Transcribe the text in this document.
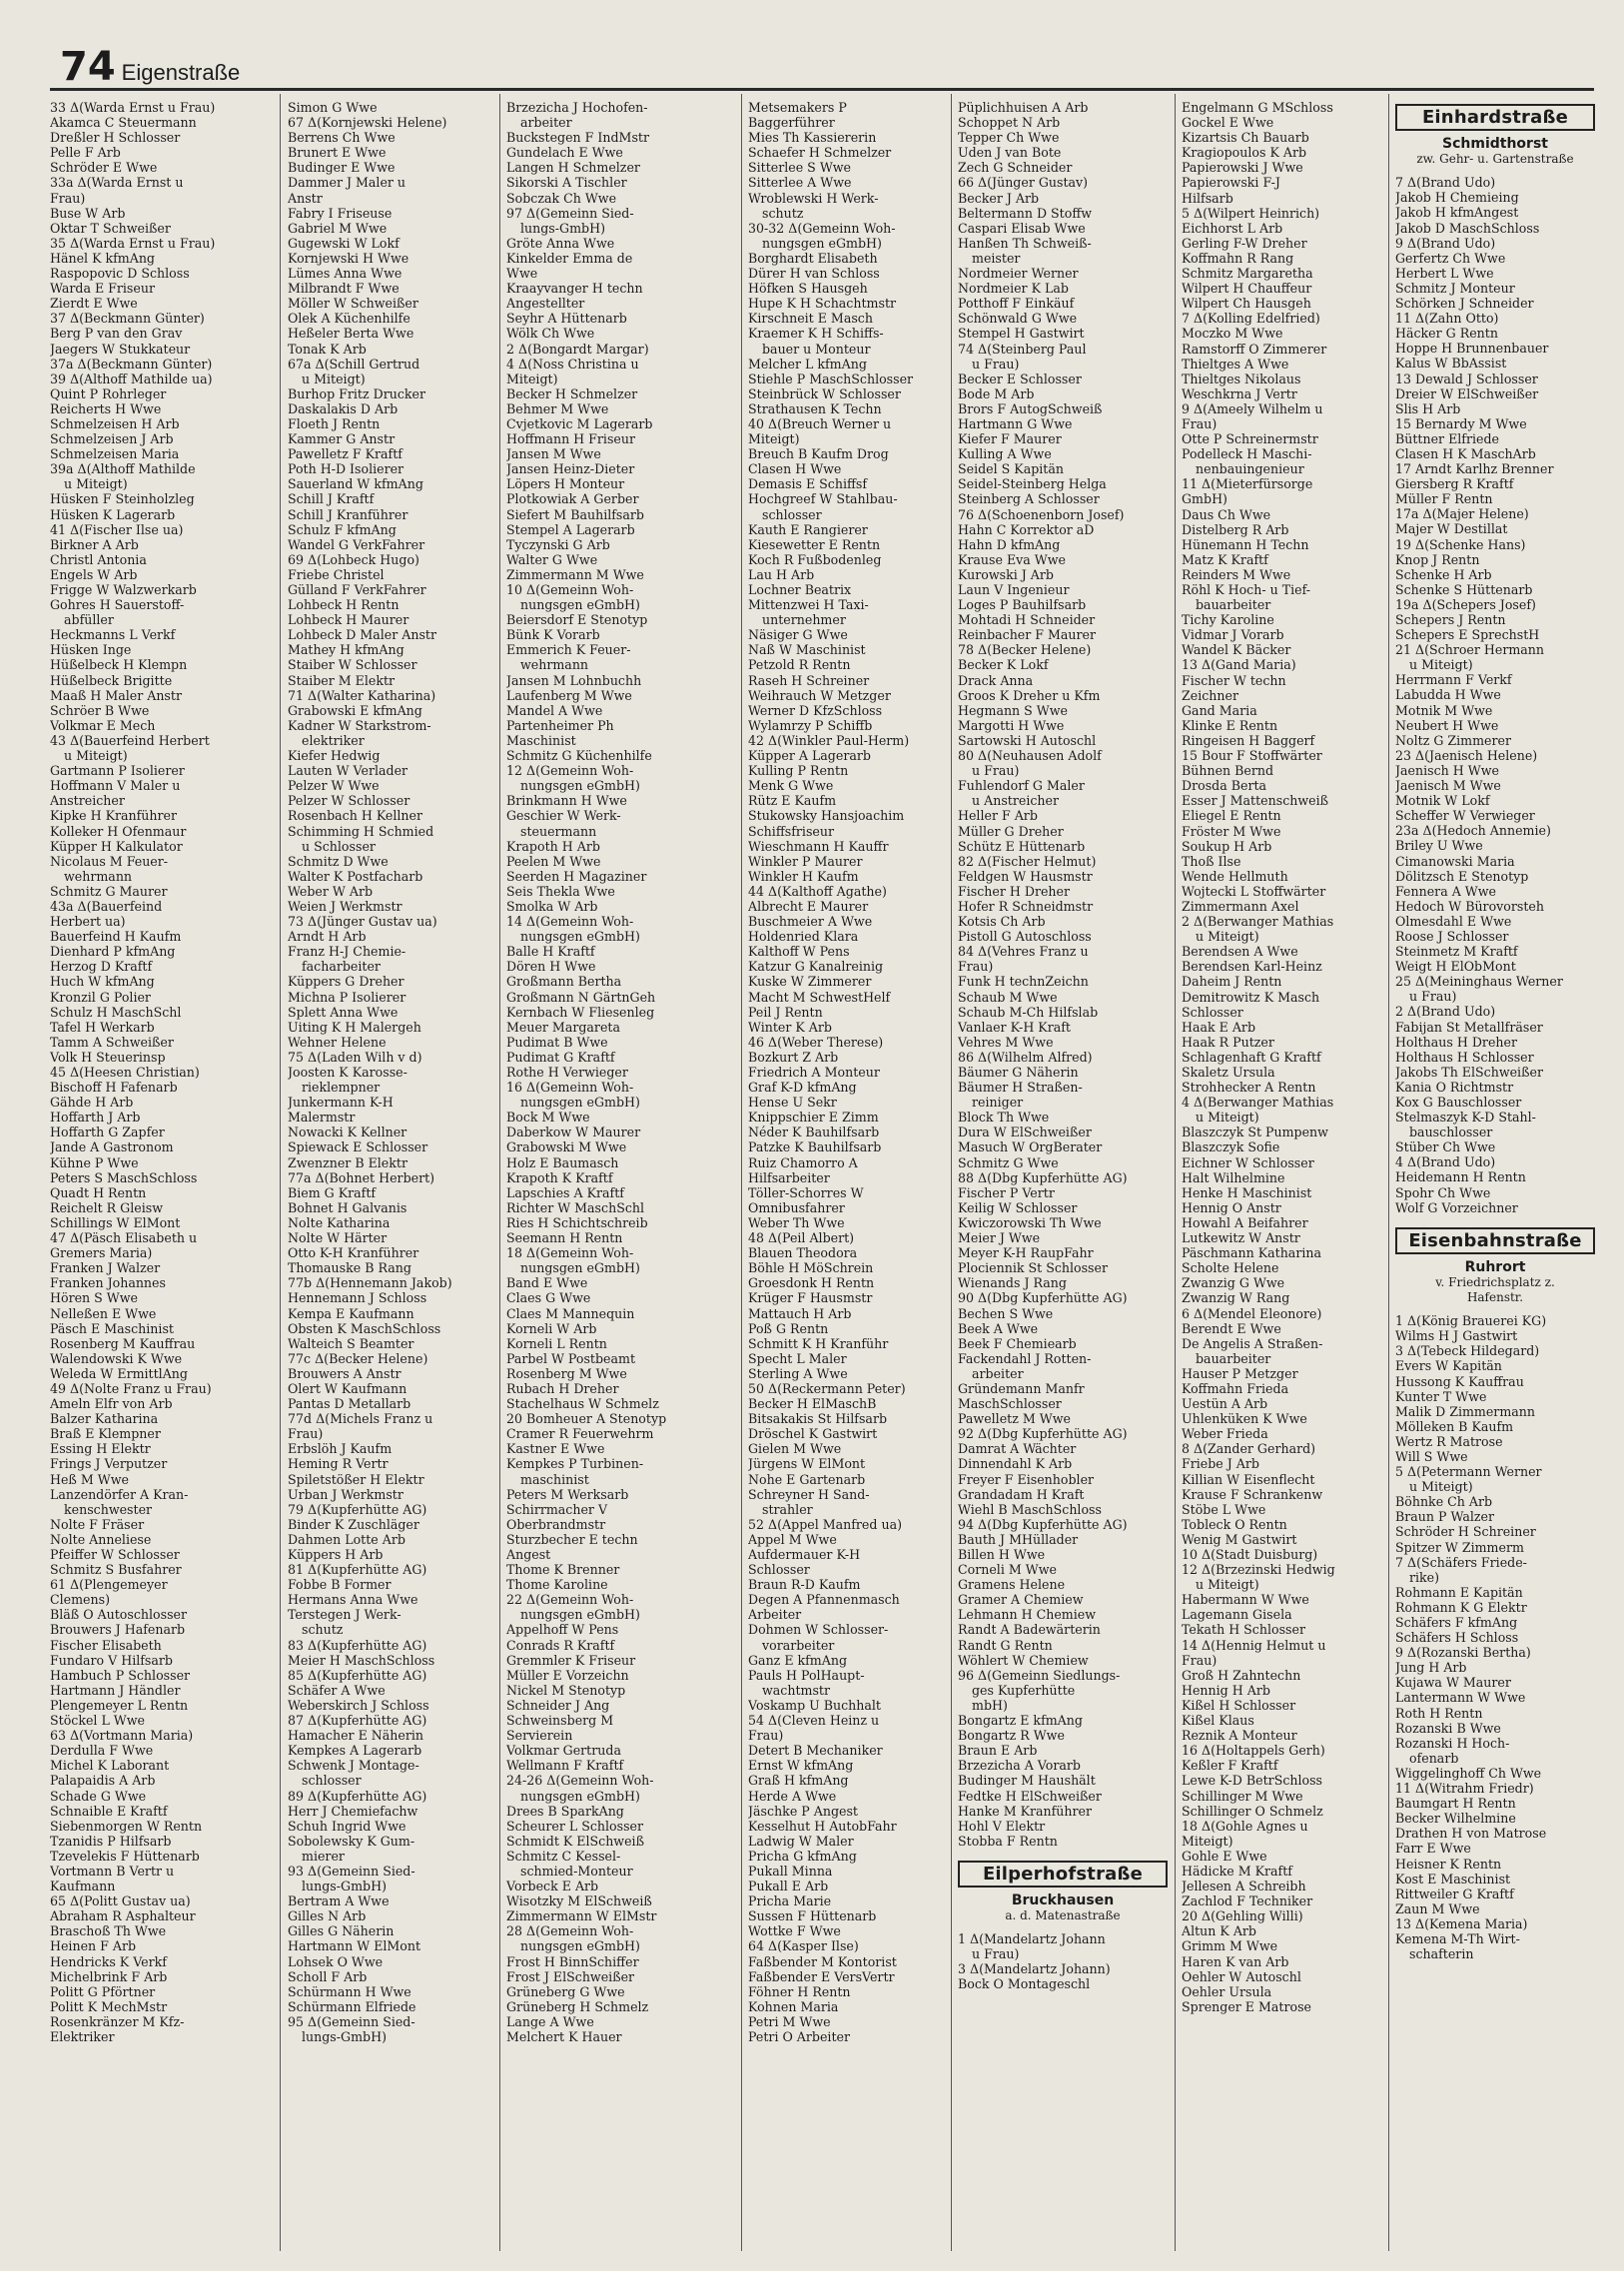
74 Eigenstraße
33 Δ(Warda Ernst u Frau)
Akamca C Steuermann
Dreßler H Schlosser
Pelle F Arb
Schröder E Wwe
33a Δ(Warda Ernst u
Frau)
Buse W Arb
Oktar T Schweißer
35 Δ(Warda Ernst u Frau)
Hänel K kfmAng
Raspopovic D Schloss
Warda E Friseur
Zierdt E Wwe
37 Δ(Beckmann Günter)
Berg P van den Grav
Jaegers W Stukkateur
37a Δ(Beckmann Günter)
39 Δ(Althoff Mathilde ua)
Quint P Rohrleger
Reicherts H Wwe
Schmelzeisen H Arb
Schmelzeisen J Arb
Schmelzeisen Maria
39a Δ(Althoff Mathilde
u Miteigt)
Hüsken F Steinholzleg
Hüsken K Lagerarb
41 Δ(Fischer Ilse ua)
Birkner A Arb
Christl Antonia
Engels W Arb
Frigge W Walzwerkarb
Gohres H Sauerstoff-
abfüller
Heckmanns L Verkf
Hüsken Inge
Hüßelbeck H Klempn
Hüßelbeck Brigitte
Maaß H Maler Anstr
Schröer B Wwe
Volkmar E Mech
43 Δ(Bauerfeind Herbert
u Miteigt)
Gartmann P Isolierer
Hoffmann V Maler u
Anstreicher
Kipke H Kranführer
Kolleker H Ofenmaur
Küpper H Kalkulator
Nicolaus M Feuer-
wehrmann
Schmitz G Maurer
43a Δ(Bauerfeind
Herbert ua)
Bauerfeind H Kaufm
Dienhard P kfmAng
Herzog D Kraftf
Huch W kfmAng
Kronzil G Polier
Schulz H MaschSchl
Tafel H Werkarb
Tamm A Schweißer
Volk H Steuerinsp
45 Δ(Heesen Christian)
Bischoff H Fafenarb
Gähde H Arb
Hoffarth J Arb
Hoffarth G Zapfer
Jande A Gastronom
Kühne P Wwe
Peters S MaschSchloss
Quadt H Rentn
Reichelt R Gleisw
Schillings W ElMont
47 Δ(Päsch Elisabeth u
Gremers Maria)
Franken J Walzer
Franken Johannes
Hören S Wwe
Nelleßen E Wwe
Päsch E Maschinist
Rosenberg M Kauffrau
Walendowski K Wwe
Weleda W ErmittlAng
49 Δ(Nolte Franz u Frau)
Ameln Elfr von Arb
Balzer Katharina
Braß E Klempner
Essing H Elektr
Frings J Verputzer
Heß M Wwe
Lanzendörfer A Kran-
kenschwester
Nolte F Fräser
Nolte Anneliese
Pfeiffer W Schlosser
Schmitz S Busfahrer
61 Δ(Plengemeyer
Clemens)
Bläß O Autoschlosser
Brouwers J Hafenarb
Fischer Elisabeth
Fundaro V Hilfsarb
Hambuch P Schlosser
Hartmann J Händler
Plengemeyer L Rentn
Stöckel L Wwe
63 Δ(Vortmann Maria)
Derdulla F Wwe
Michel K Laborant
Palapaidis A Arb
Schade G Wwe
Schnaible E Kraftf
Siebenmorgen W Rentn
Tzanidis P Hilfsarb
Tzevelekis F Hüttenarb
Vortmann B Vertr u
Kaufmann
65 Δ(Politt Gustav ua)
Abraham R Asphalteur
Braschoß Th Wwe
Heinen F Arb
Hendricks K Verkf
Michelbrink F Arb
Politt G Pförtner
Politt K MechMstr
Rosenkränzer M Kfz-
Elektriker
Simon G Wwe
67 Δ(Kornjewski Helene)
Berrens Ch Wwe
Brunert E Wwe
Budinger E Wwe
Dammer J Maler u
Anstr
Fabry I Friseuse
Gabriel M Wwe
Gugewski W Lokf
Kornjewski H Wwe
Lümes Anna Wwe
Milbrandt F Wwe
Möller W Schweißer
Olek A Küchenhilfe
Heßeler Berta Wwe
Tonak K Arb
67a Δ(Schill Gertrud
u Miteigt)
Burhop Fritz Drucker
Daskalakis D Arb
Floeth J Rentn
Kammer G Anstr
Pawelletz F Kraftf
Poth H-D Isolierer
Sauerland W kfmAng
Schill J Kraftf
Schill J Kranführer
Schulz F kfmAng
Wandel G VerkFahrer
69 Δ(Lohbeck Hugo)
Friebe Christel
Gülland F VerkFahrer
Lohbeck H Rentn
Lohbeck H Maurer
Lohbeck D Maler Anstr
Mathey H kfmAng
Staiber W Schlosser
Staiber M Elektr
71 Δ(Walter Katharina)
Grabowski E kfmAng
Kadner W Starkstrom-
elektriker
Kiefer Hedwig
Lauten W Verlader
Pelzer W Wwe
Pelzer W Schlosser
Rosenbach H Kellner
Schimming H Schmied
u Schlosser
Schmitz D Wwe
Walter K Postfacharb
Weber W Arb
Weien J Werkmstr
73 Δ(Jünger Gustav ua)
Arndt H Arb
Franz H-J Chemie-
facharbeiter
Küppers G Dreher
Michna P Isolierer
Splett Anna Wwe
Uiting K H Malergeh
Wehner Helene
75 Δ(Laden Wilh v d)
Joosten K Karosse-
rieklempner
Junkermann K-H
Malermstr
Nowacki K Kellner
Spiewack E Schlosser
Zwenzner B Elektr
77a Δ(Bohnet Herbert)
Biem G Kraftf
Bohnet H Galvanis
Nolte Katharina
Nolte W Härter
Otto K-H Kranführer
Thomauske B Rang
77b Δ(Hennemann Jakob)
Hennemann J Schloss
Kempa E Kaufmann
Obsten K MaschSchloss
Walteich S Beamter
77c Δ(Becker Helene)
Brouwers A Anstr
Olert W Kaufmann
Pantas D Metallarb
77d Δ(Michels Franz u
Frau)
Erbslöh J Kaufm
Heming R Vertr
Spiletstößer H Elektr
Urban J Werkmstr
79 Δ(Kupferhütte AG)
Binder K Zuschläger
Dahmen Lotte Arb
Küppers H Arb
81 Δ(Kupferhütte AG)
Fobbe B Former
Hermans Anna Wwe
Terstegen J Werk-
schutz
83 Δ(Kupferhütte AG)
Meier H MaschSchloss
85 Δ(Kupferhütte AG)
Schäfer A Wwe
Weberskirch J Schloss
87 Δ(Kupferhütte AG)
Hamacher E Näherin
Kempkes A Lagerarb
Schwenk J Montage-
schlosser
89 Δ(Kupferhütte AG)
Herr J Chemiefachw
Schuh Ingrid Wwe
Sobolewsky K Gum-
mierer
93 Δ(Gemeinn Sied-
lungs-GmbH)
Bertram A Wwe
Gilles N Arb
Gilles G Näherin
Hartmann W ElMont
Lohsek O Wwe
Scholl F Arb
Schürmann H Wwe
Schürmann Elfriede
95 Δ(Gemeinn Sied-
lungs-GmbH)
Brzezicha J Hochofen-
arbeiter
Buckstegen F IndMstr
Gundelach E Wwe
Langen H Schmelzer
Sikorski A Tischler
Sobczak Ch Wwe
97 Δ(Gemeinn Sied-
lungs-GmbH)
Gröte Anna Wwe
Kinkelder Emma de
Wwe
Kraayvanger H techn
Angestellter
Seyhr A Hüttenarb
Wölk Ch Wwe
2 Δ(Bongardt Margar)
4 Δ(Noss Christina u
Miteigt)
Becker H Schmelzer
Behmer M Wwe
Cvjetkovic M Lagerarb
Hoffmann H Friseur
Jansen M Wwe
Jansen Heinz-Dieter
Löpers H Monteur
Plotkowiak A Gerber
Siefert M Bauhilfsarb
Stempel A Lagerarb
Tyczynski G Arb
Walter G Wwe
Zimmermann M Wwe
10 Δ(Gemeinn Woh-
nungsgen eGmbH)
Beiersdorf E Stenotyp
Bünk K Vorarb
Emmerich K Feuer-
wehrmann
Jansen M Lohnbuchh
Laufenberg M Wwe
Mandel A Wwe
Partenheimer Ph
Maschinist
Schmitz G Küchenhilfe
12 Δ(Gemeinn Woh-
nungsgen eGmbH)
Brinkmann H Wwe
Geschier W Werk-
steuermann
Krapoth H Arb
Peelen M Wwe
Seerden H Magaziner
Seis Thekla Wwe
Smolka W Arb
14 Δ(Gemeinn Woh-
nungsgen eGmbH)
Balle H Kraftf
Dören H Wwe
Großmann Bertha
Großmann N GärtnGeh
Kernbach W Fliesenleg
Meuer Margareta
Pudimat B Wwe
Pudimat G Kraftf
Rothe H Verwieger
16 Δ(Gemeinn Woh-
nungsgen eGmbH)
Bock M Wwe
Daberkow W Maurer
Grabowski M Wwe
Holz E Baumasch
Krapoth K Kraftf
Lapschies A Kraftf
Richter W MaschSchl
Ries H Schichtschreib
Seemann H Rentn
18 Δ(Gemeinn Woh-
nungsgen eGmbH)
Band E Wwe
Claes G Wwe
Claes M Mannequin
Korneli W Arb
Korneli L Rentn
Parbel W Postbeamt
Rosenberg M Wwe
Rubach H Dreher
Stachelhaus W Schmelz
20 Bomheuer A Stenotyp
Cramer R Feuerwehrm
Kastner E Wwe
Kempkes P Turbinen-
maschinist
Peters M Werksarb
Schirrmacher V
Oberbrandmstr
Sturzbecher E techn
Angest
Thome K Brenner
Thome Karoline
22 Δ(Gemeinn Woh-
nungsgen eGmbH)
Appelhoff W Pens
Conrads R Kraftf
Gremmler K Friseur
Müller E Vorzeichn
Nickel M Stenotyp
Schneider J Ang
Schweinsberg M
Servierein
Volkmar Gertruda
Wellmann F Kraftf
24-26 Δ(Gemeinn Woh-
nungsgen eGmbH)
Drees B SparkAng
Scheurer L Schlosser
Schmidt K ElSchweiß
Schmitz C Kessel-
schmied-Monteur
Vorbeck E Arb
Wisotzky M ElSchweiß
Zimmermann W ElMstr
28 Δ(Gemeinn Woh-
nungsgen eGmbH)
Frost H BinnSchiffer
Frost J ElSchweißer
Grüneberg G Wwe
Grüneberg H Schmelz
Lange A Wwe
Melchert K Hauer
Metsemakers P
Baggerführer
Mies Th Kassiererin
Schaefer H Schmelzer
Sitterlee S Wwe
Sitterlee A Wwe
Wroblewski H Werk-
schutz
30-32 Δ(Gemeinn Woh-
nungsgen eGmbH)
Borghardt Elisabeth
Dürer H van Schloss
Höfken S Hausgeh
Hupe K H Schachtmstr
Kirschneit E Masch
Kraemer K H Schiffs-
bauer u Monteur
Melcher L kfmAng
Stiehle P MaschSchlosser
Steinbrück W Schlosser
Strathausen K Techn
40 Δ(Breuch Werner u
Miteigt)
Breuch B Kaufm Drog
Clasen H Wwe
Demasis E Schiffsf
Hochgreef W Stahlbau-
schlosser
Kauth E Rangierer
Kiesewetter E Rentn
Koch R Fußbodenleg
Lau H Arb
Lochner Beatrix
Mittenzwei H Taxi-
unternehmer
Näsiger G Wwe
Naß W Maschinist
Petzold R Rentn
Raseh H Schreiner
Weihrauch W Metzger
Werner D KfzSchloss
Wylamrzy P Schiffb
42 Δ(Winkler Paul-Herm)
Küpper A Lagerarb
Kulling P Rentn
Menk G Wwe
Rütz E Kaufm
Stukowsky Hansjoachim
Schiffsfriseur
Wieschmann H Kauffr
Winkler P Maurer
Winkler H Kaufm
44 Δ(Kalthoff Agathe)
Albrecht E Maurer
Buschmeier A Wwe
Holdenried Klara
Kalthoff W Pens
Katzur G Kanalreinig
Kuske W Zimmerer
Macht M SchwestHelf
Peil J Rentn
Winter K Arb
46 Δ(Weber Therese)
Bozkurt Z Arb
Friedrich A Monteur
Graf K-D kfmAng
Hense U Sekr
Knippschier E Zimm
Néder K Bauhilfsarb
Patzke K Bauhilfsarb
Ruiz Chamorro A
Hilfsarbeiter
Töller-Schorres W
Omnibusfahrer
Weber Th Wwe
48 Δ(Peil Albert)
Blauen Theodora
Böhle H MöSchrein
Groesdonk H Rentn
Krüger F Hausmstr
Mattauch H Arb
Poß G Rentn
Schmitt K H Kranführ
Specht L Maler
Sterling A Wwe
50 Δ(Reckermann Peter)
Becker H ElMaschB
Bitsakakis St Hilfsarb
Dröschel K Gastwirt
Gielen M Wwe
Jürgens W ElMont
Nohe E Gartenarb
Schreyner H Sand-
strahler
52 Δ(Appel Manfred ua)
Appel M Wwe
Aufdermauer K-H
Schlosser
Braun R-D Kaufm
Degen A Pfannenmasch
Arbeiter
Dohmen W Schlosser-
vorarbeiter
Ganz E kfmAng
Pauls H PolHaupt-
wachtmstr
Voskamp U Buchhalt
54 Δ(Cleven Heinz u
Frau)
Detert B Mechaniker
Ernst W kfmAng
Graß H kfmAng
Herde A Wwe
Jäschke P Angest
Kesselhut H AutobFahr
Ladwig W Maler
Pricha G kfmAng
Pukall Minna
Pukall E Arb
Pricha Marie
Sussen F Hüttenarb
Wottke F Wwe
64 Δ(Kasper Ilse)
Faßbender M Kontorist
Faßbender E VersVertr
Föhner H Rentn
Kohnen Maria
Petri M Wwe
Petri O Arbeiter
Püplichhuisen A Arb
Schoppet N Arb
Tepper Ch Wwe
Uden J van Bote
Zech G Schneider
66 Δ(Jünger Gustav)
Becker J Arb
Beltermann D Stoffw
Caspari Elisab Wwe
Hanßen Th Schweiß-
meister
Nordmeier Werner
Nordmeier K Lab
Potthoff F Einkäuf
Schönwald G Wwe
Stempel H Gastwirt
74 Δ(Steinberg Paul
u Frau)
Becker E Schlosser
Bode M Arb
Brors F AutogSchweiß
Hartmann G Wwe
Kiefer F Maurer
Kulling A Wwe
Seidel S Kapitän
Seidel-Steinberg Helga
Steinberg A Schlosser
76 Δ(Schoenenborn Josef)
Hahn C Korrektor aD
Hahn D kfmAng
Krause Eva Wwe
Kurowski J Arb
Laun V Ingenieur
Loges P Bauhilfsarb
Mohtadi H Schneider
Reinbacher F Maurer
78 Δ(Becker Helene)
Becker K Lokf
Drack Anna
Groos K Dreher u Kfm
Hegmann S Wwe
Margotti H Wwe
Sartowski H Autoschl
80 Δ(Neuhausen Adolf
u Frau)
Fuhlendorf G Maler
u Anstreicher
Heller F Arb
Müller G Dreher
Schütz E Hüttenarb
82 Δ(Fischer Helmut)
Feldgen W Hausmstr
Fischer H Dreher
Hofer R Schneidmstr
Kotsis Ch Arb
Pistoll G Autoschloss
84 Δ(Vehres Franz u
Frau)
Funk H technZeichn
Schaub M Wwe
Schaub M-Ch Hilfslab
Vanlaer K-H Kraft
Vehres M Wwe
86 Δ(Wilhelm Alfred)
Bäumer G Näherin
Bäumer H Straßen-
reiniger
Block Th Wwe
Dura W ElSchweißer
Masuch W OrgBerater
Schmitz G Wwe
88 Δ(Dbg Kupferhütte AG)
Fischer P Vertr
Keilig W Schlosser
Kwiczorowski Th Wwe
Meier J Wwe
Meyer K-H RaupFahr
Plociennik St Schlosser
Wienands J Rang
90 Δ(Dbg Kupferhütte AG)
Bechen S Wwe
Beek A Wwe
Beek F Chemiearb
Fackendahl J Rotten-
arbeiter
Gründemann Manfr
MaschSchlosser
Pawelletz M Wwe
92 Δ(Dbg Kupferhütte AG)
Damrat A Wächter
Dinnendahl K Arb
Freyer F Eisenhobler
Grandadam H Kraft
Wiehl B MaschSchloss
94 Δ(Dbg Kupferhütte AG)
Bauth J MHüllader
Billen H Wwe
Corneli M Wwe
Gramens Helene
Gramer A Chemiew
Lehmann H Chemiew
Randt A Badewärterin
Randt G Rentn
Wöhlert W Chemiew
96 Δ(Gemeinn Siedlungs-
ges Kupferhütte
mbH)
Bongartz E kfmAng
Bongartz R Wwe
Braun E Arb
Brzezicha A Vorarb
Budinger M Haushält
Fedtke H ElSchweißer
Hanke M Kranführer
Hohl V Elektr
Stobba F Rentn
Eilperhofstraße
Bruckhausen
a. d. Matenastraße
1 Δ(Mandelartz Johann
u Frau)
3 Δ(Mandelartz Johann)
Bock O Montageschl
Engelmann G MSchloss
Gockel E Wwe
Kizartsis Ch Bauarb
Kragiopoulos K Arb
Papierowski J Wwe
Papierowski F-J
Hilfsarb
5 Δ(Wilpert Heinrich)
Eichhorst L Arb
Gerling F-W Dreher
Koffmahn R Rang
Schmitz Margaretha
Wilpert H Chauffeur
Wilpert Ch Hausgeh
7 Δ(Kolling Edelfried)
Moczko M Wwe
Ramstorff O Zimmerer
Thieltges A Wwe
Thieltges Nikolaus
Weschkrna J Vertr
9 Δ(Ameely Wilhelm u
Frau)
Otte P Schreinermstr
Podelleck H Maschi-
nenbauingenieur
11 Δ(Mieterfürsorge
GmbH)
Daus Ch Wwe
Distelberg R Arb
Hünemann H Techn
Matz K Kraftf
Reinders M Wwe
Röhl K Hoch- u Tief-
bauarbeiter
Tichy Karoline
Vidmar J Vorarb
Wandel K Bäcker
13 Δ(Gand Maria)
Fischer W techn
Zeichner
Gand Maria
Klinke E Rentn
Ringeisen H Baggerf
15 Bour F Stoffwärter
Bühnen Bernd
Drosda Berta
Esser J Mattenschweiß
Eliegel E Rentn
Fröster M Wwe
Soukup H Arb
Thoß Ilse
Wende Hellmuth
Wojtecki L Stoffwärter
Zimmermann Axel
2 Δ(Berwanger Mathias
u Miteigt)
Berendsen A Wwe
Berendsen Karl-Heinz
Daheim J Rentn
Demitrowitz K Masch
Schlosser
Haak E Arb
Haak R Putzer
Schlagenhaft G Kraftf
Skaletz Ursula
Strohhecker A Rentn
4 Δ(Berwanger Mathias
u Miteigt)
Blaszczyk St Pumpenw
Blaszczyk Sofie
Eichner W Schlosser
Halt Wilhelmine
Henke H Maschinist
Hennig O Anstr
Howahl A Beifahrer
Lutkewitz W Anstr
Päschmann Katharina
Scholte Helene
Zwanzig G Wwe
Zwanzig W Rang
6 Δ(Mendel Eleonore)
Berendt E Wwe
De Angelis A Straßen-
bauarbeiter
Hauser P Metzger
Koffmahn Frieda
Uestün A Arb
Uhlenküken K Wwe
Weber Frieda
8 Δ(Zander Gerhard)
Friebe J Arb
Killian W Eisenflecht
Krause F Schrankenw
Stöbe L Wwe
Tobleck O Rentn
Wenig M Gastwirt
10 Δ(Stadt Duisburg)
12 Δ(Brzezinski Hedwig
u Miteigt)
Habermann W Wwe
Lagemann Gisela
Tekath H Schlosser
14 Δ(Hennig Helmut u
Frau)
Groß H Zahntechn
Hennig H Arb
Kißel H Schlosser
Kißel Klaus
Reznik A Monteur
16 Δ(Holtappels Gerh)
Keßler F Kraftf
Lewe K-D BetrSchloss
Schillinger M Wwe
Schillinger O Schmelz
18 Δ(Gohle Agnes u
Miteigt)
Gohle E Wwe
Hädicke M Kraftf
Jellesen A Schreibh
Zachlod F Techniker
20 Δ(Gehling Willi)
Altun K Arb
Grimm M Wwe
Haren K van Arb
Oehler W Autoschl
Oehler Ursula
Sprenger E Matrose
Einhardstraße
Schmidthorst
zw. Gehr- u. Gartenstraße
7 Δ(Brand Udo)
Jakob H Chemieing
Jakob H kfmAngest
Jakob D MaschSchloss
9 Δ(Brand Udo)
Gerfertz Ch Wwe
Herbert L Wwe
Schmitz J Monteur
Schörken J Schneider
11 Δ(Zahn Otto)
Häcker G Rentn
Hoppe H Brunnenbauer
Kalus W BbAssist
13 Dewald J Schlosser
Dreier W ElSchweißer
Slis H Arb
15 Bernardy M Wwe
Büttner Elfriede
Clasen H K MaschArb
17 Arndt Karlhz Brenner
Giersberg R Kraftf
Müller F Rentn
17a Δ(Majer Helene)
Majer W Destillat
19 Δ(Schenke Hans)
Knop J Rentn
Schenke H Arb
Schenke S Hüttenarb
19a Δ(Schepers Josef)
Schepers J Rentn
Schepers E SprechstH
21 Δ(Schroer Hermann
u Miteigt)
Herrmann F Verkf
Labudda H Wwe
Motnik M Wwe
Neubert H Wwe
Noltz G Zimmerer
23 Δ(Jaenisch Helene)
Jaenisch H Wwe
Jaenisch M Wwe
Motnik W Lokf
Scheffer W Verwieger
23a Δ(Hedoch Annemie)
Briley U Wwe
Cimanowski Maria
Dölitzsch E Stenotyp
Fennera A Wwe
Hedoch W Bürovorsteh
Olmesdahl E Wwe
Roose J Schlosser
Steinmetz M Kraftf
Weigt H ElObMont
25 Δ(Meininghaus Werner
u Frau)
2 Δ(Brand Udo)
Fabijan St Metallfräser
Holthaus H Dreher
Holthaus H Schlosser
Jakobs Th ElSchweißer
Kania O Richtmstr
Kox G Bauschlosser
Stelmaszyk K-D Stahl-
bauschlosser
Stüber Ch Wwe
4 Δ(Brand Udo)
Heidemann H Rentn
Spohr Ch Wwe
Wolf G Vorzeichner
Eisenbahnstraße
Ruhrort
v. Friedrichsplatz z.
Hafenstr.
1 Δ(König Brauerei KG)
Wilms H J Gastwirt
3 Δ(Tebeck Hildegard)
Evers W Kapitän
Hussong K Kauffrau
Kunter T Wwe
Malik D Zimmermann
Mölleken B Kaufm
Wertz R Matrose
Will S Wwe
5 Δ(Petermann Werner
u Miteigt)
Böhnke Ch Arb
Braun P Walzer
Schröder H Schreiner
Spitzer W Zimmerm
7 Δ(Schäfers Friede-
rike)
Rohmann E Kapitän
Rohmann K G Elektr
Schäfers F kfmAng
Schäfers H Schloss
9 Δ(Rozanski Bertha)
Jung H Arb
Kujawa W Maurer
Lantermann W Wwe
Roth H Rentn
Rozanski B Wwe
Rozanski H Hoch-
ofenarb
Wiggelinghoff Ch Wwe
11 Δ(Witrahm Friedr)
Baumgart H Rentn
Becker Wilhelmine
Drathen H von Matrose
Farr E Wwe
Heisner K Rentn
Kost E Maschinist
Rittweiler G Kraftf
Zaun M Wwe
13 Δ(Kemena Maria)
Kemena M-Th Wirt-
schafterin
